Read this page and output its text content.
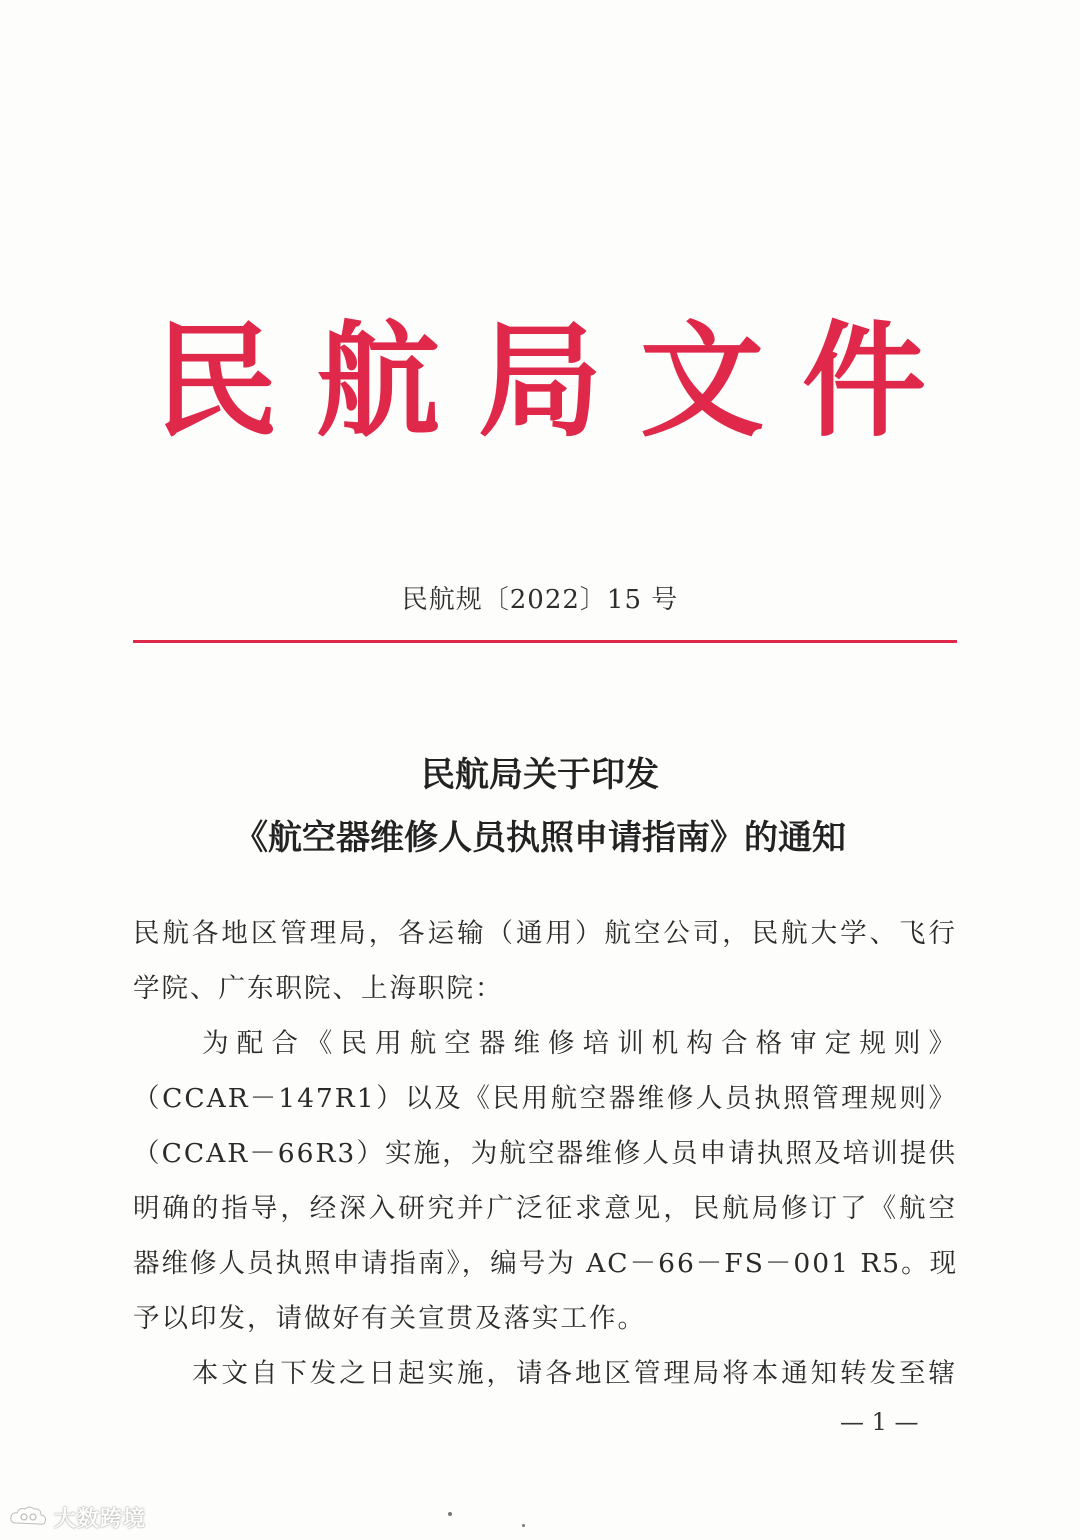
民航局文件
民航规〔2022〕15 号
民航局关于印发
《航空器维修人员执照申请指南》的通知
民航各地区管理局，各运输（通用）航空公司，民航大学、飞行
学院、广东职院、上海职院：
　　为配合《民用航空器维修培训机构合格审定规则》
（CCAR－147R1）以及《民用航空器维修人员执照管理规则》
（CCAR－66R3）实施，为航空器维修人员申请执照及培训提供
明确的指导，经深入研究并广泛征求意见，民航局修订了《航空
器维修人员执照申请指南》，编号为 AC－66－FS－001 R5。现
予以印发，请做好有关宣贯及落实工作。
　　本文自下发之日起实施，请各地区管理局将本通知转发至辖
— 1 —
大数跨境
